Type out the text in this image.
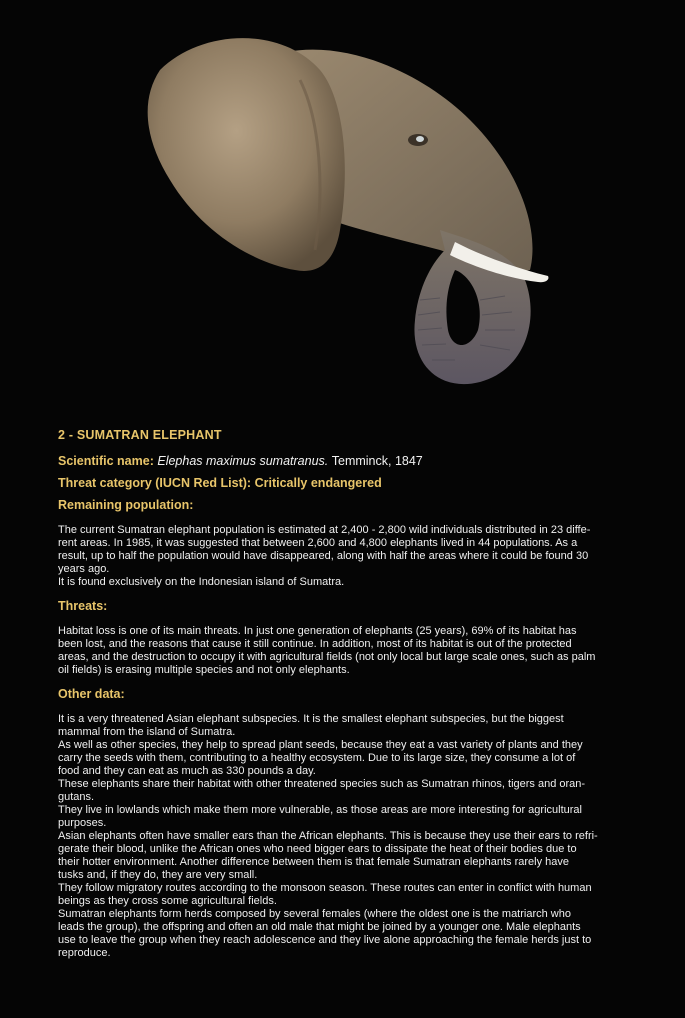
2 - SUMATRAN ELEPHANT
Scientific name: Elephas maximus sumatranus. Temminck, 1847
Threat category (IUCN Red List): Critically endangered
Remaining population:

The current Sumatran elephant population is estimated at 2,400 - 2,800 wild individuals distributed in 23 diffe-
rent areas. In 1985, it was suggested that between 2,600 and 4,800 elephants lived in 44 populations. As a
result, up to half the population would have disappeared, along with half the areas where it could be found 30
years ago.
It is found exclusively on the Indonesian island of Sumatra.

Threats:

Habitat loss is one of its main threats. In just one generation of elephants (25 years), 69% of its habitat has
been lost, and the reasons that cause it still continue. In addition, most of its habitat is out of the protected
areas, and the destruction to occupy it with agricultural fields (not only local but large scale ones, such as palm
oil fields) is erasing multiple species and not only elephants.

Other data:

It is a very threatened Asian elephant subspecies. It is the smallest elephant subspecies, but the biggest
mammal from the island of Sumatra.
As well as other species, they help to spread plant seeds, because they eat a vast variety of plants and they
carry the seeds with them, contributing to a healthy ecosystem. Due to its large size, they consume a lot of
food and they can eat as much as 330 pounds a day.
These elephants share their habitat with other threatened species such as Sumatran rhinos, tigers and oran-
gutans.
They live in lowlands which make them more vulnerable, as those areas are more interesting for agricultural
purposes.
Asian elephants often have smaller ears than the African elephants. This is because they use their ears to refri-
gerate their blood, unlike the African ones who need bigger ears to dissipate the heat of their bodies due to
their hotter environment. Another difference between them is that female Sumatran elephants rarely have
tusks and, if they do, they are very small.
They follow migratory routes according to the monsoon season. These routes can enter in conflict with human
beings as they cross some agricultural fields.
Sumatran elephants form herds composed by several females (where the oldest one is the matriarch who
leads the group), the offspring and often an old male that might be joined by a younger one. Male elephants
use to leave the group when they reach adolescence and they live alone approaching the female herds just to
reproduce.
